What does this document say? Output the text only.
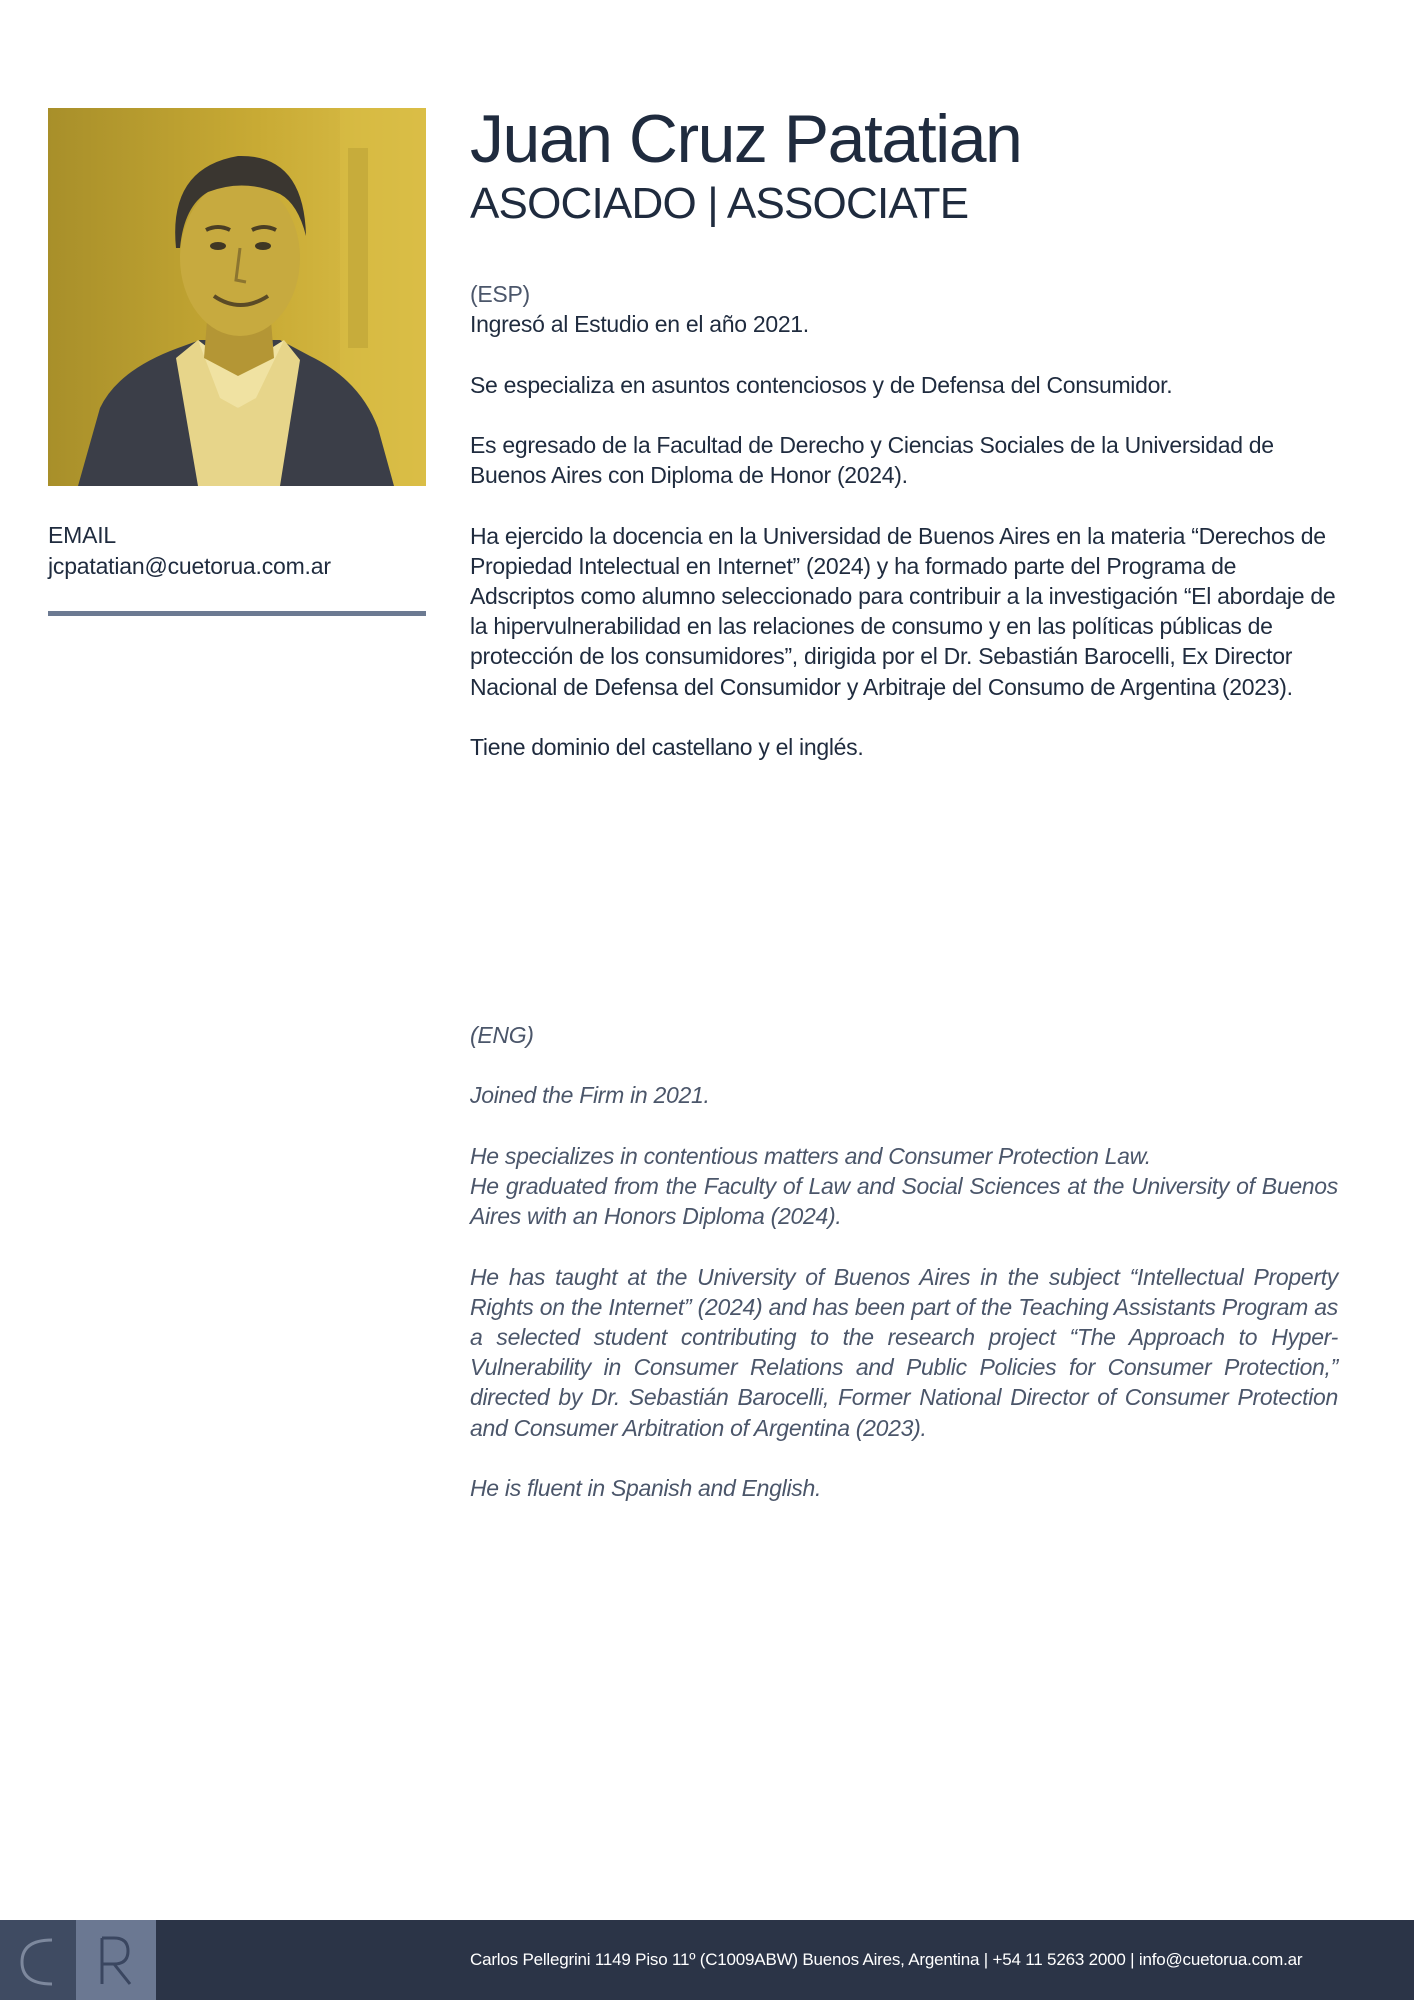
EMAIL
jcpatatian@cuetorua.com.ar
Juan Cruz Patatian
ASOCIADO | ASSOCIATE

(ESP)

Ingresó al Estudio en el año 2021.

Se especializa en asuntos contenciosos y de Defensa del Consumidor.

Es egresado de la Facultad de Derecho y Ciencias Sociales de la Universidad de Buenos Aires con Diploma de Honor (2024).

Ha ejercido la docencia en la Universidad de Buenos Aires en la materia “Derechos de Propiedad Intelectual en Internet” (2024) y ha formado parte del Programa de Adscriptos como alumno seleccionado para contribuir a la investigación “El abordaje de la hipervulnerabilidad en las relaciones de consumo y en las políticas públicas de protección de los consumidores”, dirigida por el Dr. Sebastián Barocelli, Ex Director Nacional de Defensa del Consumidor y Arbitraje del Consumo de Argentina (2023).

Tiene dominio del castellano y el inglés.

(ENG)

Joined the Firm in 2021.

He specializes in contentious matters and Consumer Protection Law.

He graduated from the Faculty of Law and Social Sciences at the University of Buenos Aires with an Honors Diploma (2024).

He has taught at the University of Buenos Aires in the subject “Intellectual Property Rights on the Internet” (2024) and has been part of the Teaching Assistants Program as a selected student contributing to the research project “The Approach to Hyper-Vulnerability in Consumer Relations and Public Policies for Consumer Protection,” directed by Dr. Sebastián Barocelli, Former National Director of Consumer Protection and Consumer Arbitration of Argentina (2023).

He is fluent in Spanish and English.

Carlos Pellegrini 1149 Piso 11º (C1009ABW) Buenos Aires, Argentina | +54 11 5263 2000 | info@cuetorua.com.ar
